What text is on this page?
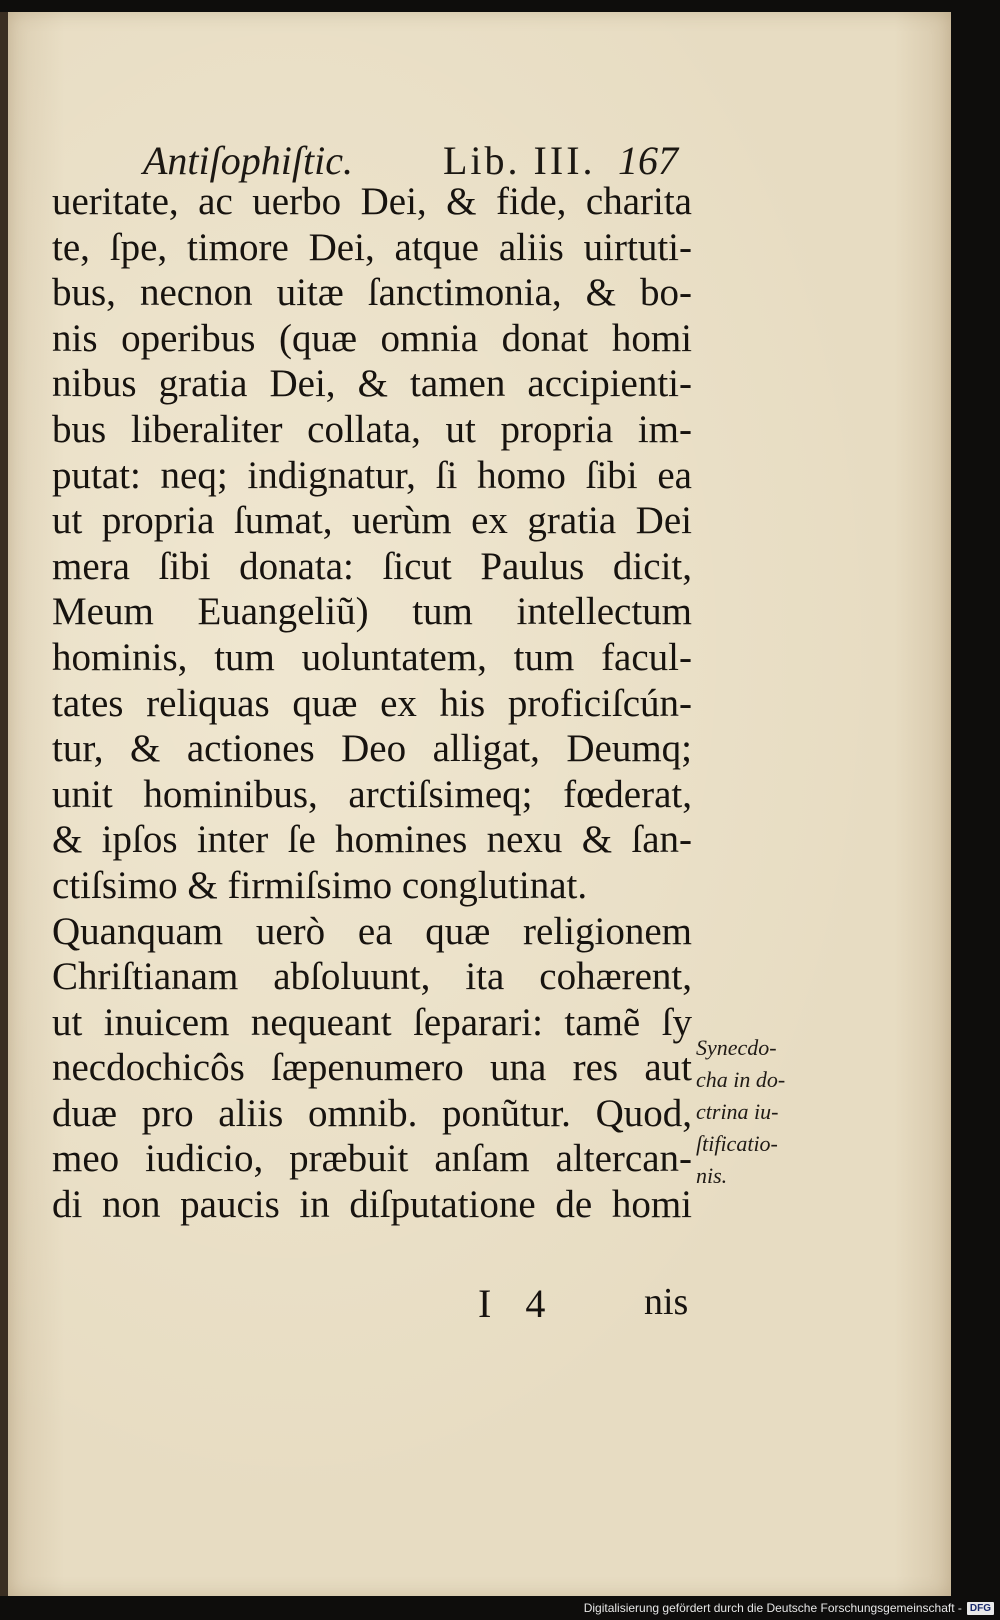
Antiſophiſtic. Lib. III. 167
ueritate, ac uerbo Dei, & fide, charita
te, ſpe, timore Dei, atque aliis uirtuti-
bus, necnon uitæ ſanctimonia, & bo-
nis operibus (quæ omnia donat homi
nibus gratia Dei, & tamen accipienti-
bus liberaliter collata, ut propria im-
putat: neq; indignatur, ſi homo ſibi ea
ut propria ſumat, uerùm ex gratia Dei
mera ſibi donata: ſicut Paulus dicit,
Meum Euangeliũ) tum intellectum
hominis, tum uoluntatem, tum facul-
tates reliquas quæ ex his proficiſcún-
tur, & actiones Deo alligat, Deumq;
unit hominibus, arctiſsimeq; fœderat,
& ipſos inter ſe homines nexu & ſan-
ctiſsimo & firmiſsimo conglutinat.
Quanquam uerò ea quæ religionem
Chriſtianam abſoluunt, ita cohærent,
ut inuicem nequeant ſeparari: tamẽ ſy
necdochicôs ſæpenumero una res aut
duæ pro aliis omnib. ponũtur. Quod,
meo iudicio, præbuit anſam altercan-
di non paucis in diſputatione de homi
Synecdo-
cha in do-
ctrina iu-
ſtificatio-
nis.
I 4 nis
Digitalisierung gefördert durch die Deutsche Forschungsgemeinschaft - DFG
